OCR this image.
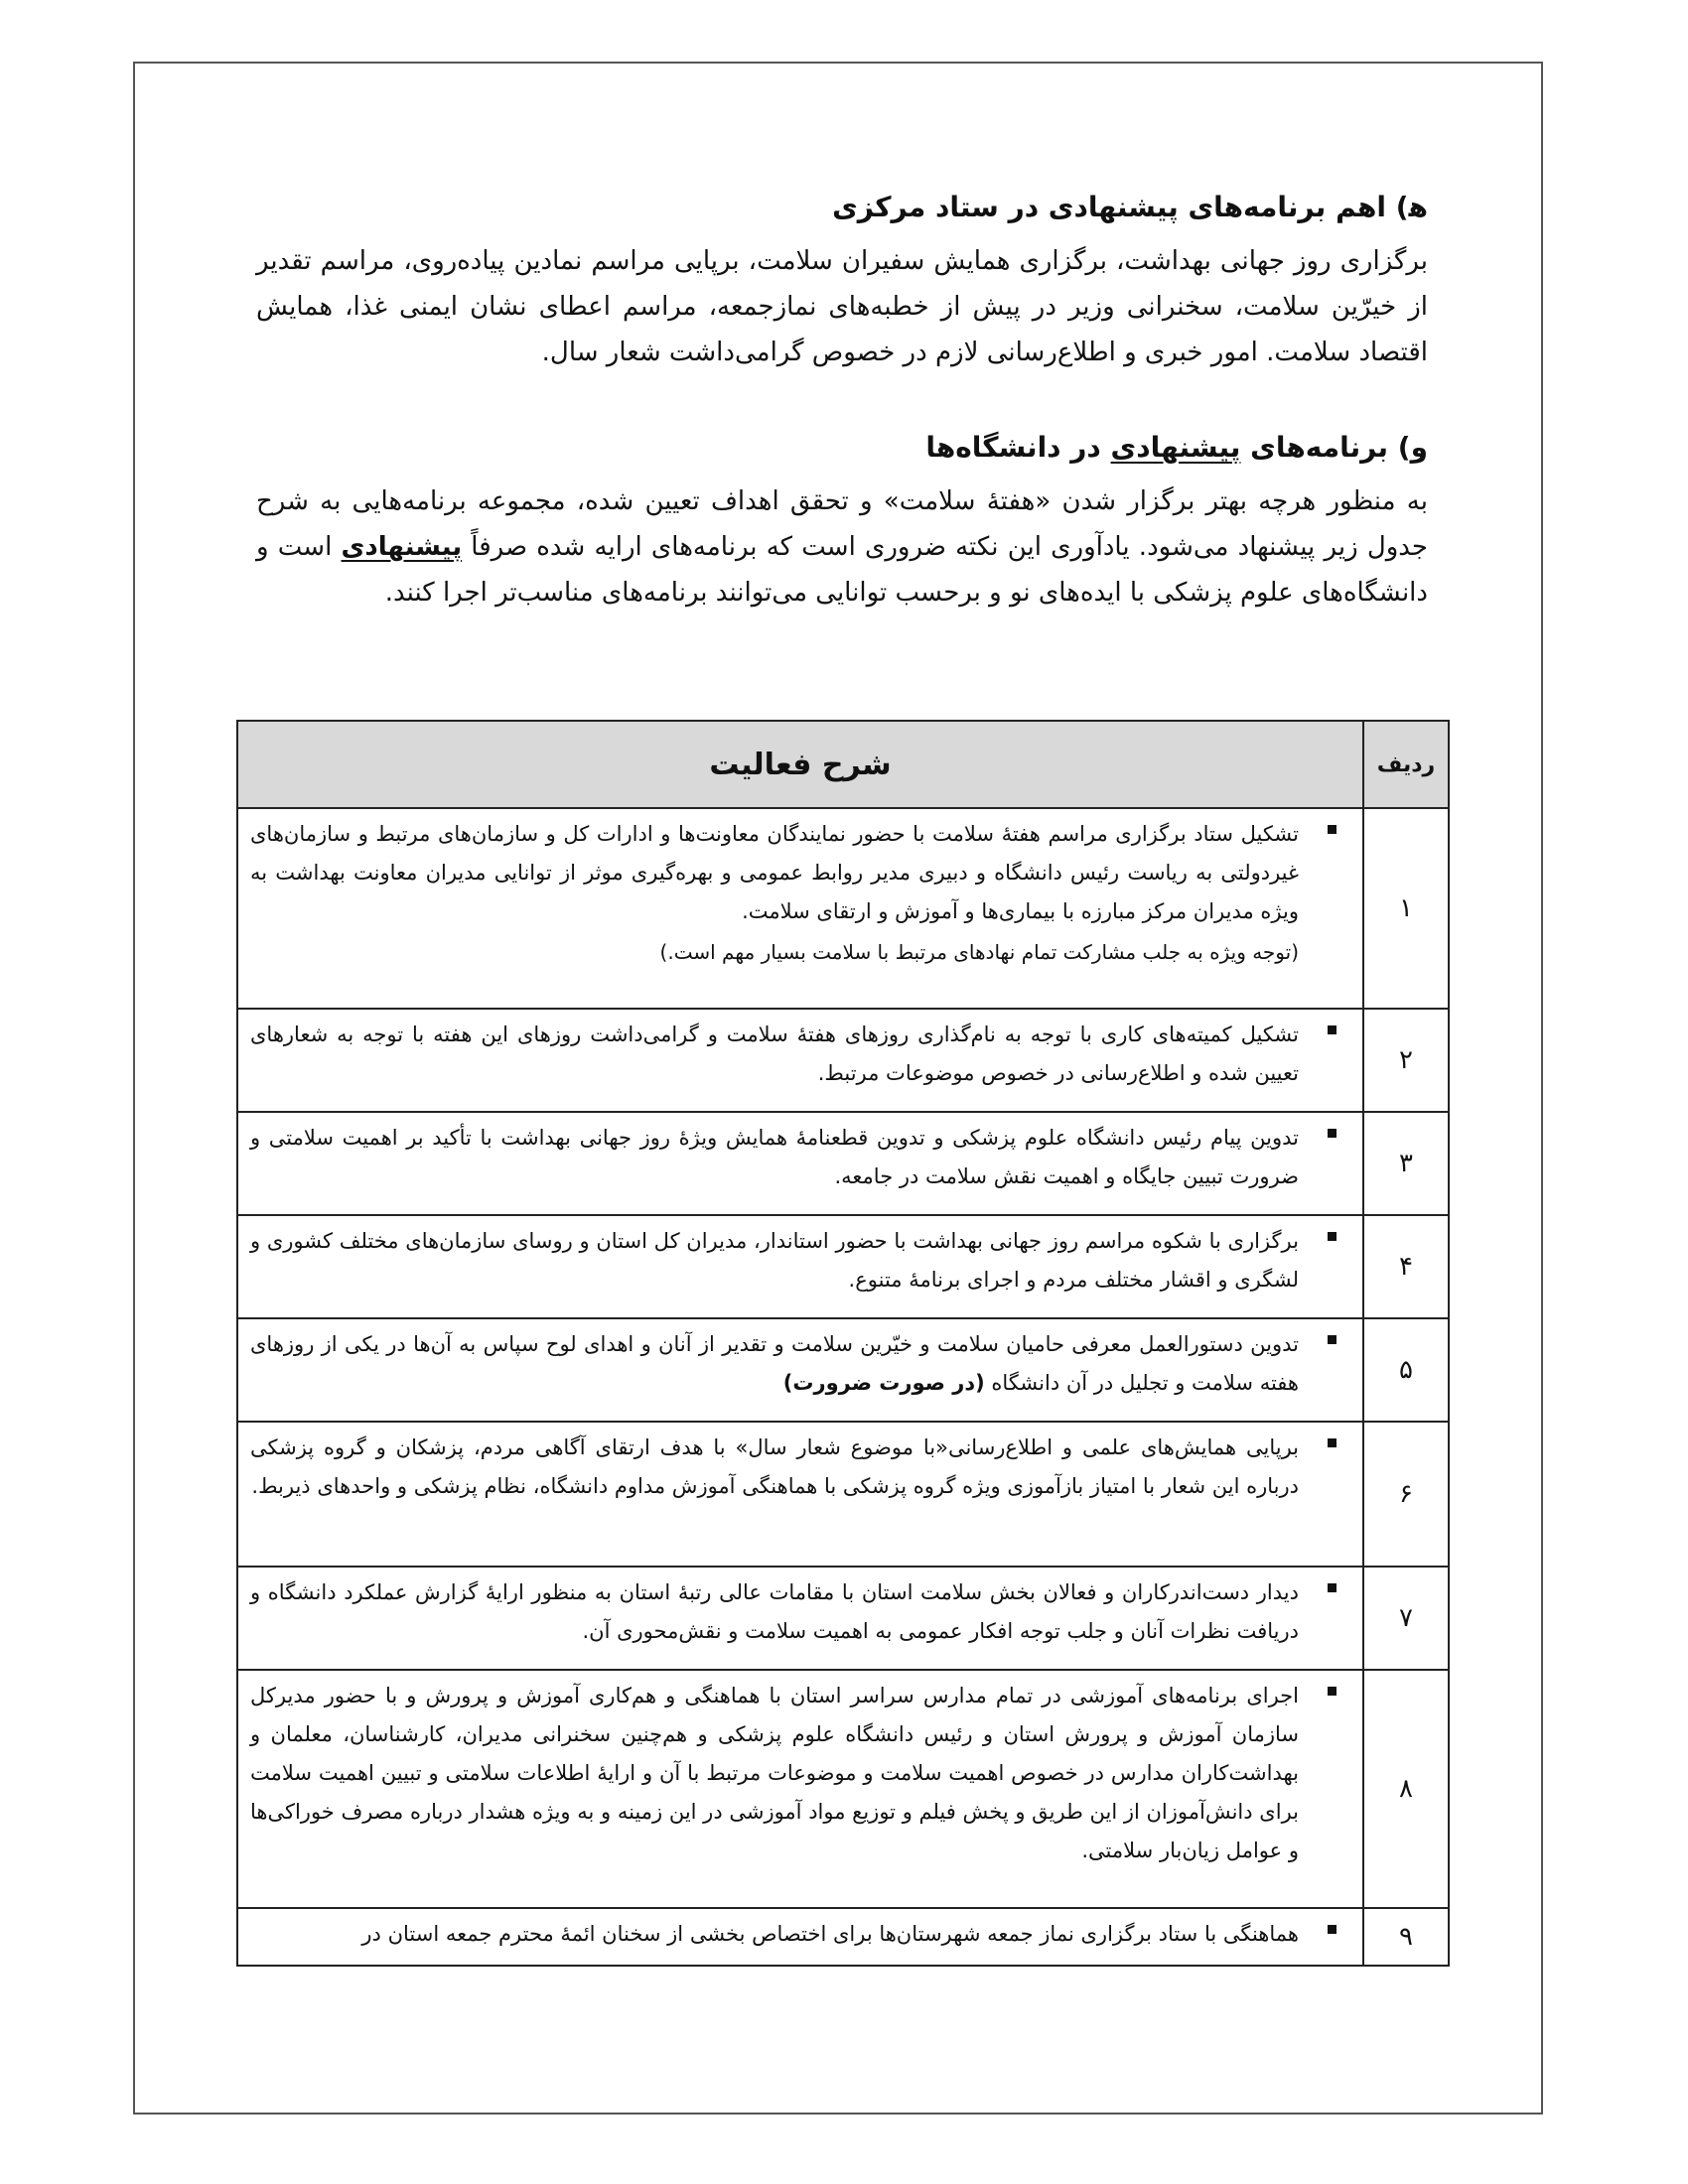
ﻫ) اهم برنامه‌های پیشنهادی در ستاد مرکزی

برگزاری روز جهانی بهداشت، برگزاری همایش سفیران سلامت، برپایی مراسم نمادین پیاده‌روی، مراسم تقدیر از خیرّین سلامت، سخنرانی وزیر در پیش از خطبه‌های نمازجمعه، مراسم اعطای نشان ایمنی غذا، همایش اقتصاد سلامت. امور خبری و اطلاع‌رسانی لازم در خصوص گرامی‌داشت شعار سال.

و) برنامه‌های پیشنهادی در دانشگاه‌ها

به منظور هرچه بهتر برگزار شدن «هفتهٔ سلامت» و تحقق اهداف تعیین شده، مجموعه برنامه‌هایی به شرح جدول زیر پیشنهاد می‌شود. یادآوری این نکته ضروری است که برنامه‌های ارایه شده صرفاً پیشنهادی است و دانشگاه‌های علوم پزشکی با ایده‌های نو و برحسب توانایی می‌توانند برنامه‌های مناسب‌تر اجرا کنند.

ردیف	شرح فعالیت
۱	تشکیل ستاد برگزاری مراسم هفتهٔ سلامت با حضور نمایندگان معاونت‌ها و ادارات کل و سازمان‌های مرتبط و سازمان‌های غیردولتی به ریاست رئیس دانشگاه و دبیری مدیر روابط عمومی و بهره‌گیری موثر از توانایی مدیران معاونت بهداشت به ویژه مدیران مرکز مبارزه با بیماری‌ها و آموزش و ارتقای سلامت.
(توجه ویژه به جلب مشارکت تمام نهادهای مرتبط با سلامت بسیار مهم است.)

۲	تشکیل کمیته‌های کاری با توجه به نام‌گذاری روزهای هفتهٔ سلامت و گرامی‌داشت روزهای این هفته با توجه به شعارهای تعیین شده و اطلاع‌رسانی در خصوص موضوعات مرتبط.
۳	تدوین پیام رئیس دانشگاه علوم پزشکی و تدوین قطعنامهٔ همایش ویژهٔ روز جهانی بهداشت با تأکید بر اهمیت سلامتی و ضرورت تبیین جایگاه و اهمیت نقش سلامت در جامعه.
۴	برگزاری با شکوه مراسم روز جهانی بهداشت با حضور استاندار، مدیران کل استان و روسای سازمان‌های مختلف کشوری و لشگری و اقشار مختلف مردم و اجرای برنامهٔ متنوع.
۵	تدوین دستورالعمل معرفی حامیان سلامت و خیّرین سلامت و تقدیر از آنان و اهدای لوح سپاس به آن‌ها در یکی از روزهای هفته سلامت و تجلیل در آن دانشگاه (در صورت ضرورت)
۶	برپایی همایش‌های علمی و اطلاع‌رسانی«با موضوع شعار سال» با هدف ارتقای آگاهی مردم، پزشکان و گروه پزشکی درباره این شعار با امتیاز بازآموزی ویژه گروه پزشکی با هماهنگی آموزش مداوم دانشگاه، نظام پزشکی و واحدهای ذیربط.
۷	دیدار دست‌اندرکاران و فعالان بخش سلامت استان با مقامات عالی رتبهٔ استان به منظور ارایهٔ گزارش عملکرد دانشگاه و دریافت نظرات آنان و جلب توجه افکار عمومی به اهمیت سلامت و نقش‌محوری آن.
۸	اجرای برنامه‌های آموزشی در تمام مدارس سراسر استان با هماهنگی و هم‌کاری آموزش و پرورش و با حضور مدیرکل سازمان آموزش و پرورش استان و رئیس دانشگاه علوم پزشکی و هم‌چنین سخنرانی مدیران، کارشناسان، معلمان و بهداشت‌کاران مدارس در خصوص اهمیت سلامت و موضوعات مرتبط با آن و ارایهٔ اطلاعات سلامتی و تبیین اهمیت سلامت برای دانش‌آموزان از این طریق و پخش فیلم و توزیع مواد آموزشی در این زمینه و به ویژه هشدار درباره مصرف خوراکی‌ها و عوامل زیان‌بار سلامتی.
۹	هماهنگی با ستاد برگزاری نماز جمعه شهرستان‌ها برای اختصاص بخشی از سخنان ائمهٔ محترم جمعه استان در
